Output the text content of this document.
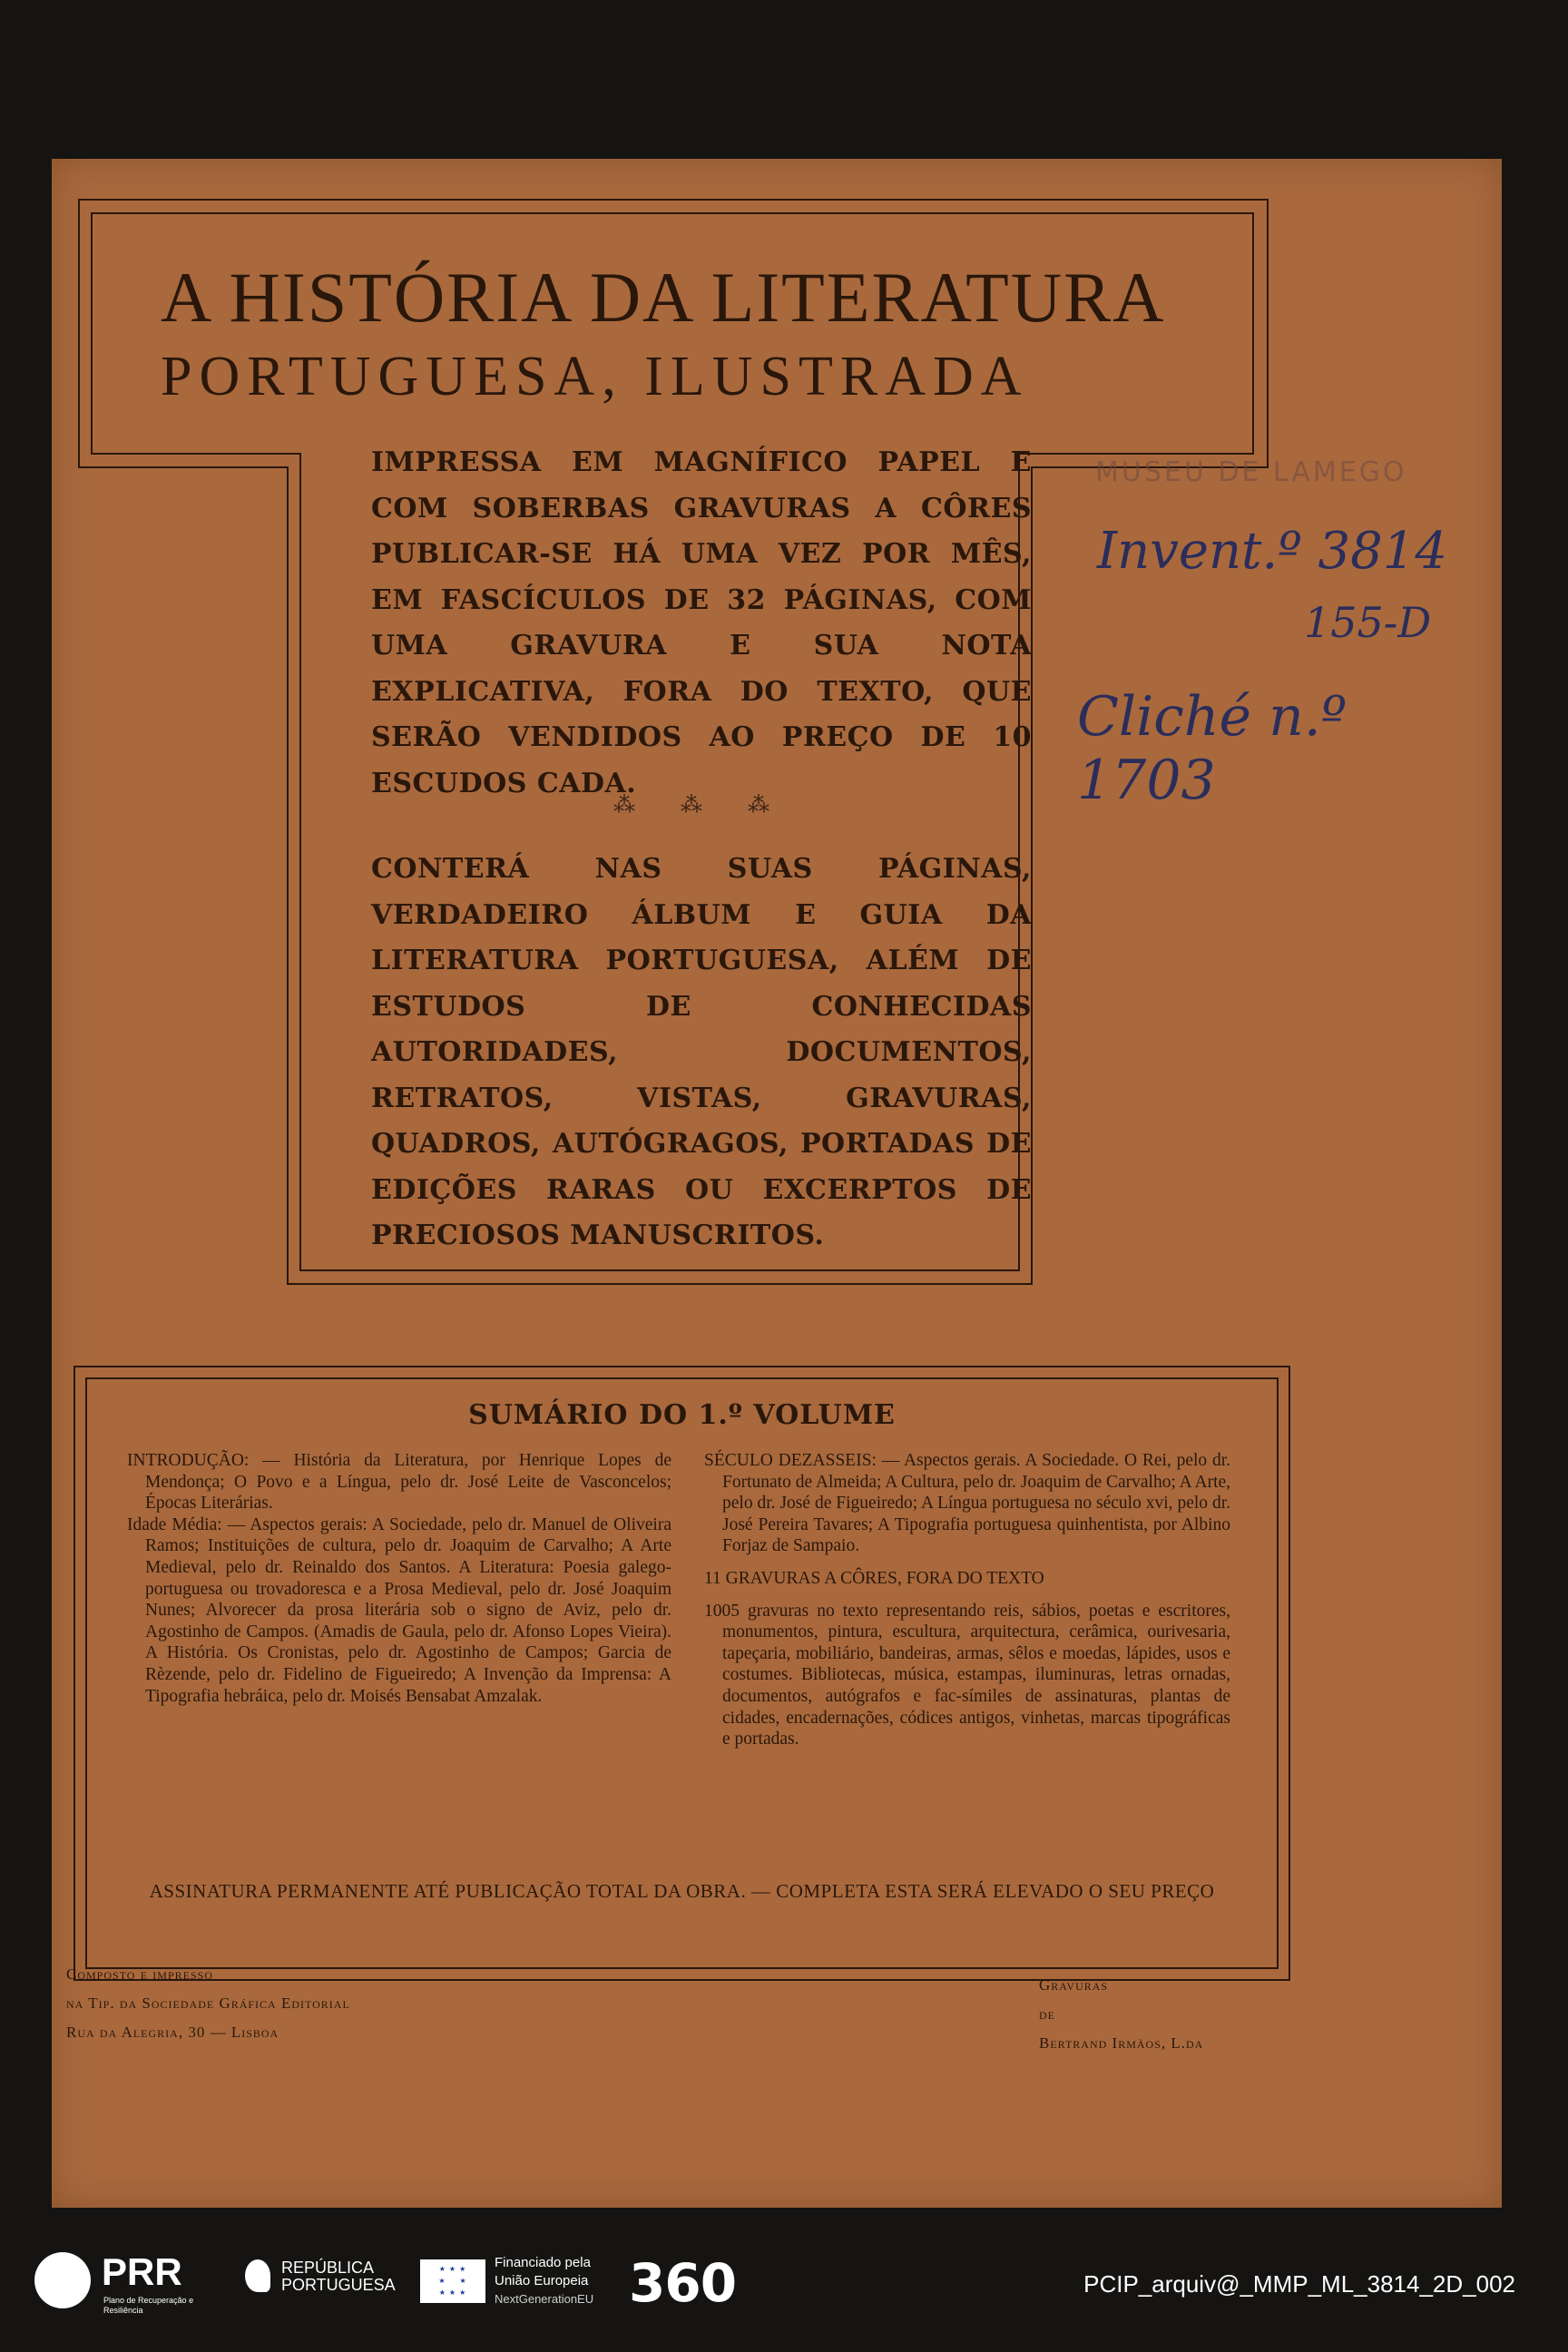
A HISTÓRIA DA LITERATURA
PORTUGUESA, ILUSTRADA
IMPRESSA EM MAGNÍFICO PAPEL E COM SOBERBAS GRAVURAS A CÔRES PUBLICAR-SE HÁ UMA VEZ POR MÊS, EM FASCÍCULOS DE 32 PÁGINAS, COM UMA GRAVURA E SUA NOTA EXPLICATIVA, FORA DO TEXTO, QUE SERÃO VENDIDOS AO PREÇO DE 10 ESCUDOS CADA.
⁂ ⁂ ⁂
CONTERÁ NAS SUAS PÁGINAS, VERDADEIRO ÁLBUM E GUIA DA LITERATURA PORTUGUESA, ALÉM DE ESTUDOS DE CONHECIDAS AUTORIDADES, DOCUMENTOS, RETRATOS, VISTAS, GRAVURAS, QUADROS, AUTÓGRAGOS, PORTADAS DE EDIÇÕES RARAS OU EXCERPTOS DE PRECIOSOS MANUSCRITOS.
MUSEU DE LAMEGO
Invent.º 3814
155-D
Cliché n.º 1703
SUMÁRIO DO 1.º VOLUME

INTRODUÇÃO: — História da Literatura, por Henrique Lopes de Mendonça; O Povo e a Língua, pelo dr. José Leite de Vasconcelos; Épocas Literárias.

Idade Média: — Aspectos gerais: A Sociedade, pelo dr. Manuel de Oliveira Ramos; Instituições de cultura, pelo dr. Joaquim de Carvalho; A Arte Medieval, pelo dr. Reinaldo dos Santos. A Literatura: Poesia galego-portuguesa ou trovadoresca e a Prosa Medieval, pelo dr. José Joaquim Nunes; Alvorecer da prosa literária sob o signo de Aviz, pelo dr. Agostinho de Campos. (Amadis de Gaula, pelo dr. Afonso Lopes Vieira). A História. Os Cronistas, pelo dr. Agostinho de Campos; Garcia de Rèzende, pelo dr. Fidelino de Figueiredo; A Invenção da Imprensa: A Tipografia hebráica, pelo dr. Moisés Bensabat Amzalak.

SÉCULO DEZASSEIS: — Aspectos gerais. A Sociedade. O Rei, pelo dr. Fortunato de Almeida; A Cultura, pelo dr. Joaquim de Carvalho; A Arte, pelo dr. José de Figueiredo; A Língua portuguesa no século xvi, pelo dr. José Pereira Tavares; A Tipografia portuguesa quinhentista, por Albino Forjaz de Sampaio.

11 GRAVURAS A CÔRES, FORA DO TEXTO

1005 gravuras no texto representando reis, sábios, poetas e escritores, monumentos, pintura, escultura, arquitectura, cerâmica, ourivesaria, tapeçaria, mobiliário, bandeiras, armas, sêlos e moedas, lápides, usos e costumes. Bibliotecas, música, estampas, iluminuras, letras ornadas, documentos, autógrafos e fac-símiles de assinaturas, plantas de cidades, encadernações, códices antigos, vinhetas, marcas tipográficas e portadas.

ASSINATURA PERMANENTE ATÉ PUBLICAÇÃO TOTAL DA OBRA. — COMPLETA ESTA SERÁ ELEVADO O SEU PREÇO
Composto e impresso
na Tip. da Sociedade Gráfica Editorial
Rua da Alegria, 30 — Lisboa
Gravuras
de
Bertrand Irmãos, L.da
PRR
Plano de Recuperação e Resiliência
REPÚBLICA
PORTUGUESA
★ ★ ★
★     ★
★ ★ ★
Financiado pela
União Europeia
NextGenerationEU 360	PCIP_arquiv@_MMP_ML_3814_2D_002
